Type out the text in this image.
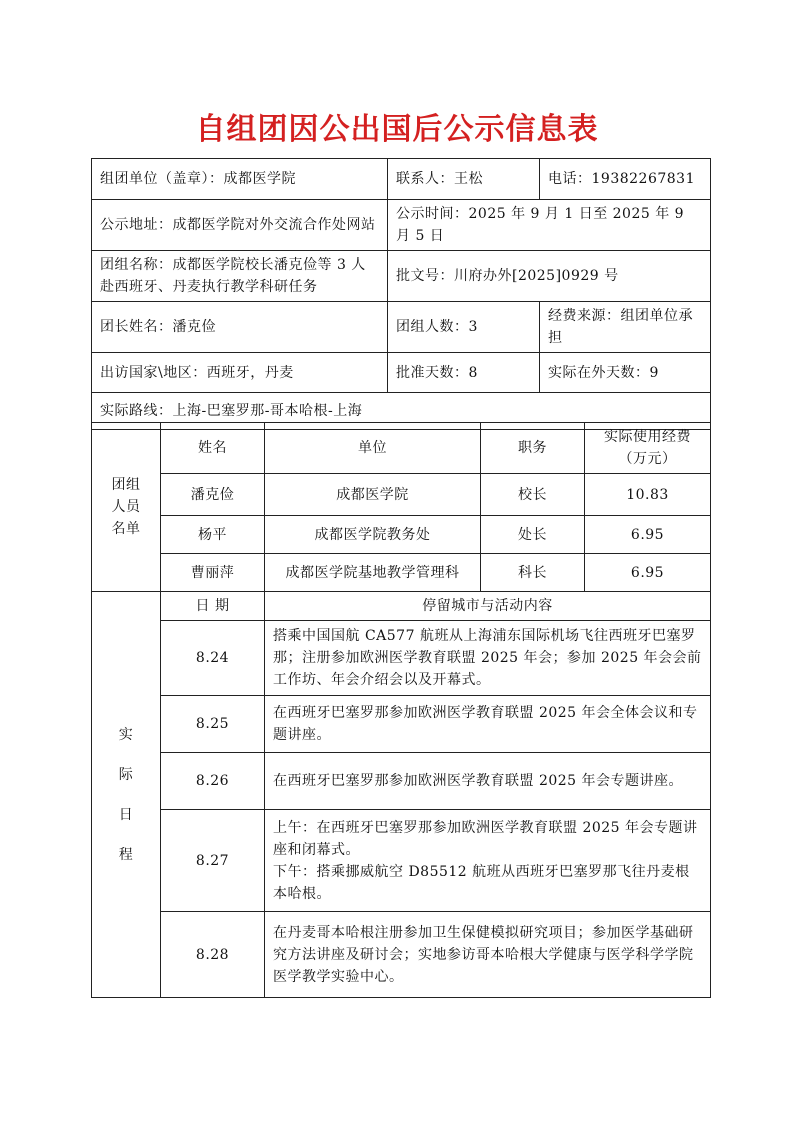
自组团因公出国后公示信息表
组团单位（盖章）：成都医学院	联系人：王松	电话：19382267831
公示地址：成都医学院对外交流合作处网站	公示时间：2025 年 9 月 1 日至 2025 年 9 月 5 日	
团组名称：成都医学院校长潘克俭等 3 人赴西班牙、丹麦执行教学科研任务	批文号：川府办外[2025]0929 号	
团长姓名：潘克俭	团组人数：3	经费来源：组团单位承担
出访国家\地区：西班牙，丹麦	批准天数：8	实际在外天数：9
实际路线：上海-巴塞罗那-哥本哈根-上海		
团组
人员
名单	姓名	单位	职务	实际使用经费
（万元）

	潘克俭	成都医学院	校长	10.83
	杨平	成都医学院教务处	处长	6.95
	曹丽萍	成都医学院基地教学管理科	科长	6.95

实
际
日
程	日 期	停留城市与活动内容		
	8.24	搭乘中国国航 CA577 航班从上海浦东国际机场飞往西班牙巴塞罗那；注册参加欧洲医学教育联盟 2025 年会；参加 2025 年会会前工作坊、年会介绍会以及开幕式。		
	8.25	在西班牙巴塞罗那参加欧洲医学教育联盟 2025 年会全体会议和专题讲座。		
	8.26	在西班牙巴塞罗那参加欧洲医学教育联盟 2025 年会专题讲座。		
	8.27	上午：在西班牙巴塞罗那参加欧洲医学教育联盟 2025 年会专题讲座和闭幕式。
下午：搭乘挪威航空 D85512 航班从西班牙巴塞罗那飞往丹麦根本哈根。		

	8.28	在丹麦哥本哈根注册参加卫生保健模拟研究项目；参加医学基础研究方法讲座及研讨会；实地参访哥本哈根大学健康与医学科学学院医学教学实验中心。		
